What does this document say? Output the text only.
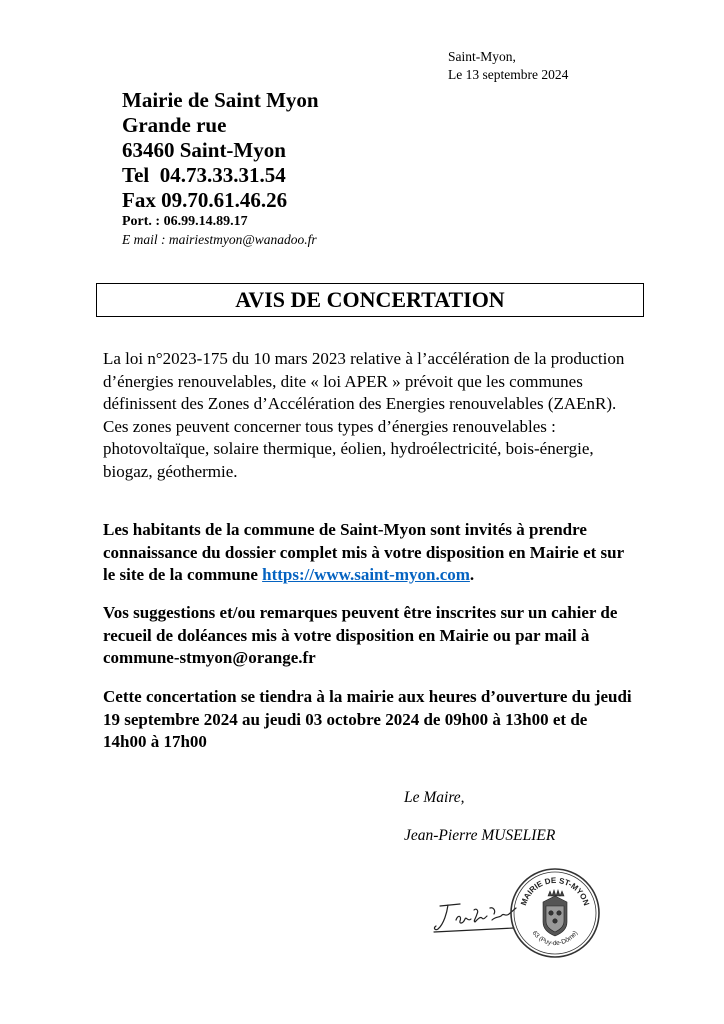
Saint-Myon,
Le 13 septembre 2024
Mairie de Saint Myon
Grande rue
63460 Saint-Myon
Tel  04.73.33.31.54
Fax 09.70.61.46.26
Port. : 06.99.14.89.17
E mail : mairiestmyon@wanadoo.fr
AVIS DE CONCERTATION

La loi n°2023-175 du 10 mars 2023 relative à l’accélération de la production d’énergies renouvelables, dite « loi APER » prévoit que les communes définissent des Zones d’Accélération des Energies renouvelables (ZAEnR).

Ces zones peuvent concerner tous types d’énergies renouvelables : photovoltaïque, solaire thermique, éolien, hydroélectricité, bois-énergie, biogaz, géothermie.

Les habitants de la commune de Saint-Myon sont invités à prendre connaissance du dossier complet mis à votre disposition en Mairie et sur le site de la commune https://www.saint-myon.com.

Vos suggestions et/ou remarques peuvent être inscrites sur un cahier de recueil de doléances mis à votre disposition en Mairie ou par mail à commune-stmyon@orange.fr

Cette concertation se tiendra à la mairie aux heures d’ouverture du jeudi 19 septembre 2024 au jeudi 03 octobre 2024 de 09h00 à 13h00 et de 14h00 à 17h00

Le Maire,
Jean-Pierre MUSELIER
MAIRIE DE ST-MYON
63 (Puy-de-Dôme)
